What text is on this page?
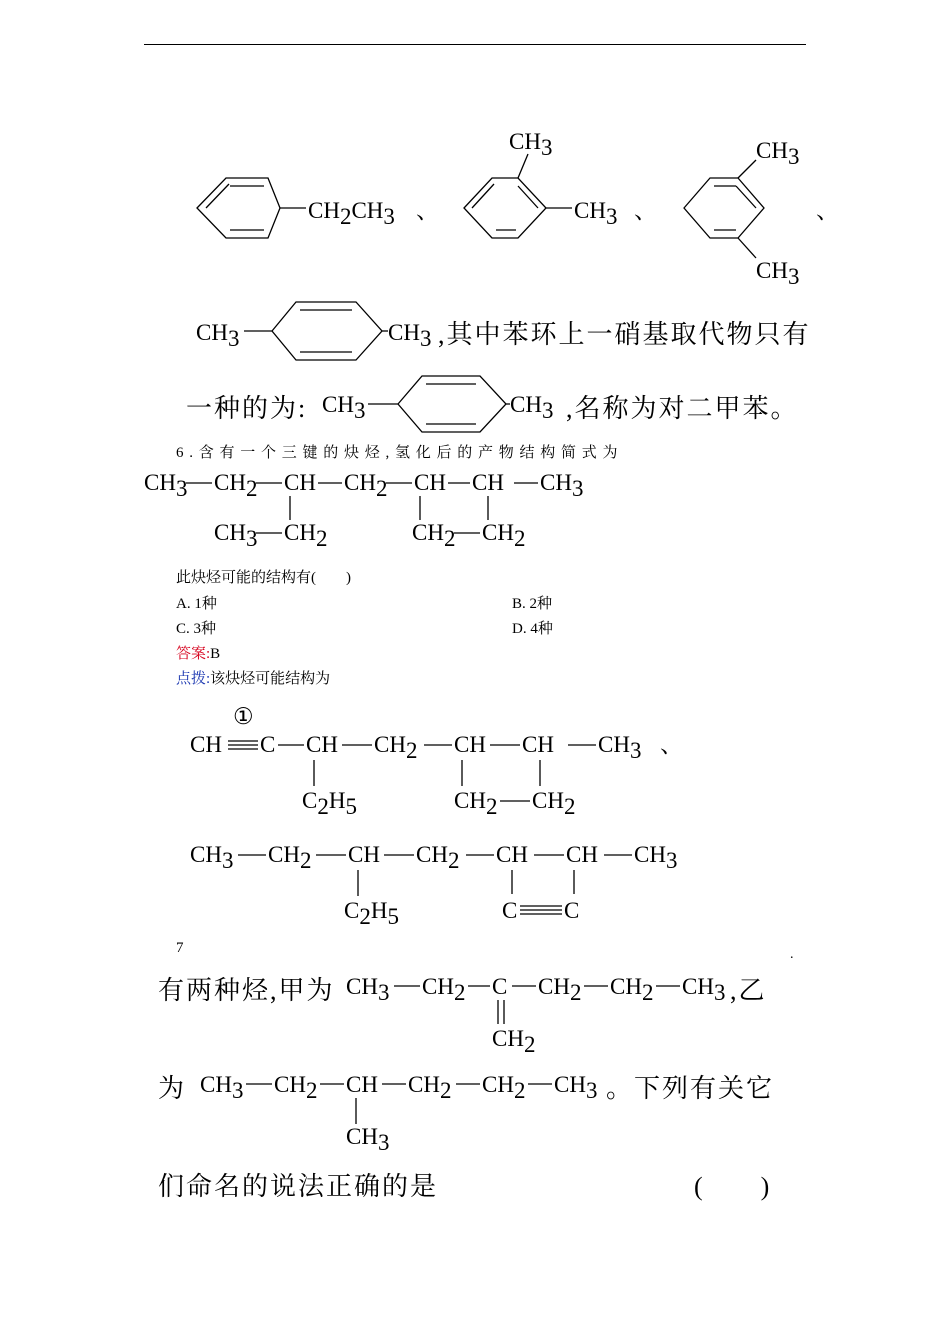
CH2CH3 、
CH3
CH3 、
CH3
CH3
、
CH3	CH3
CH3	CH3
CH3 CH2 CH CH2 CH CH CH3
CH3 CH2	CH2 CH2
①
CH C CH CH2 CH CH CH3 、
C2H5	CH2 CH2
CH3 CH2 CH CH2 CH CH CH3
C2H5	C C
CH3 CH2 C CH2 CH2 CH3
CH2
CH3 CH2 CH CH2 CH2 CH3
CH3
.
,其中苯环上一硝基取代物只有
一种的为:	,名称为对二甲苯。
6 . 含 有 一 个 三 键 的 炔 烃 , 氢 化 后 的 产 物 结 构 简 式 为
此炔烃可能的结构有(　　)
A. 1种	B. 2种
C. 3种	D. 4种
答案:B
点拨:该炔烃可能结构为
7
有两种烃,甲为	,乙
为	。下列有关它
们命名的说法正确的是	(　　)
